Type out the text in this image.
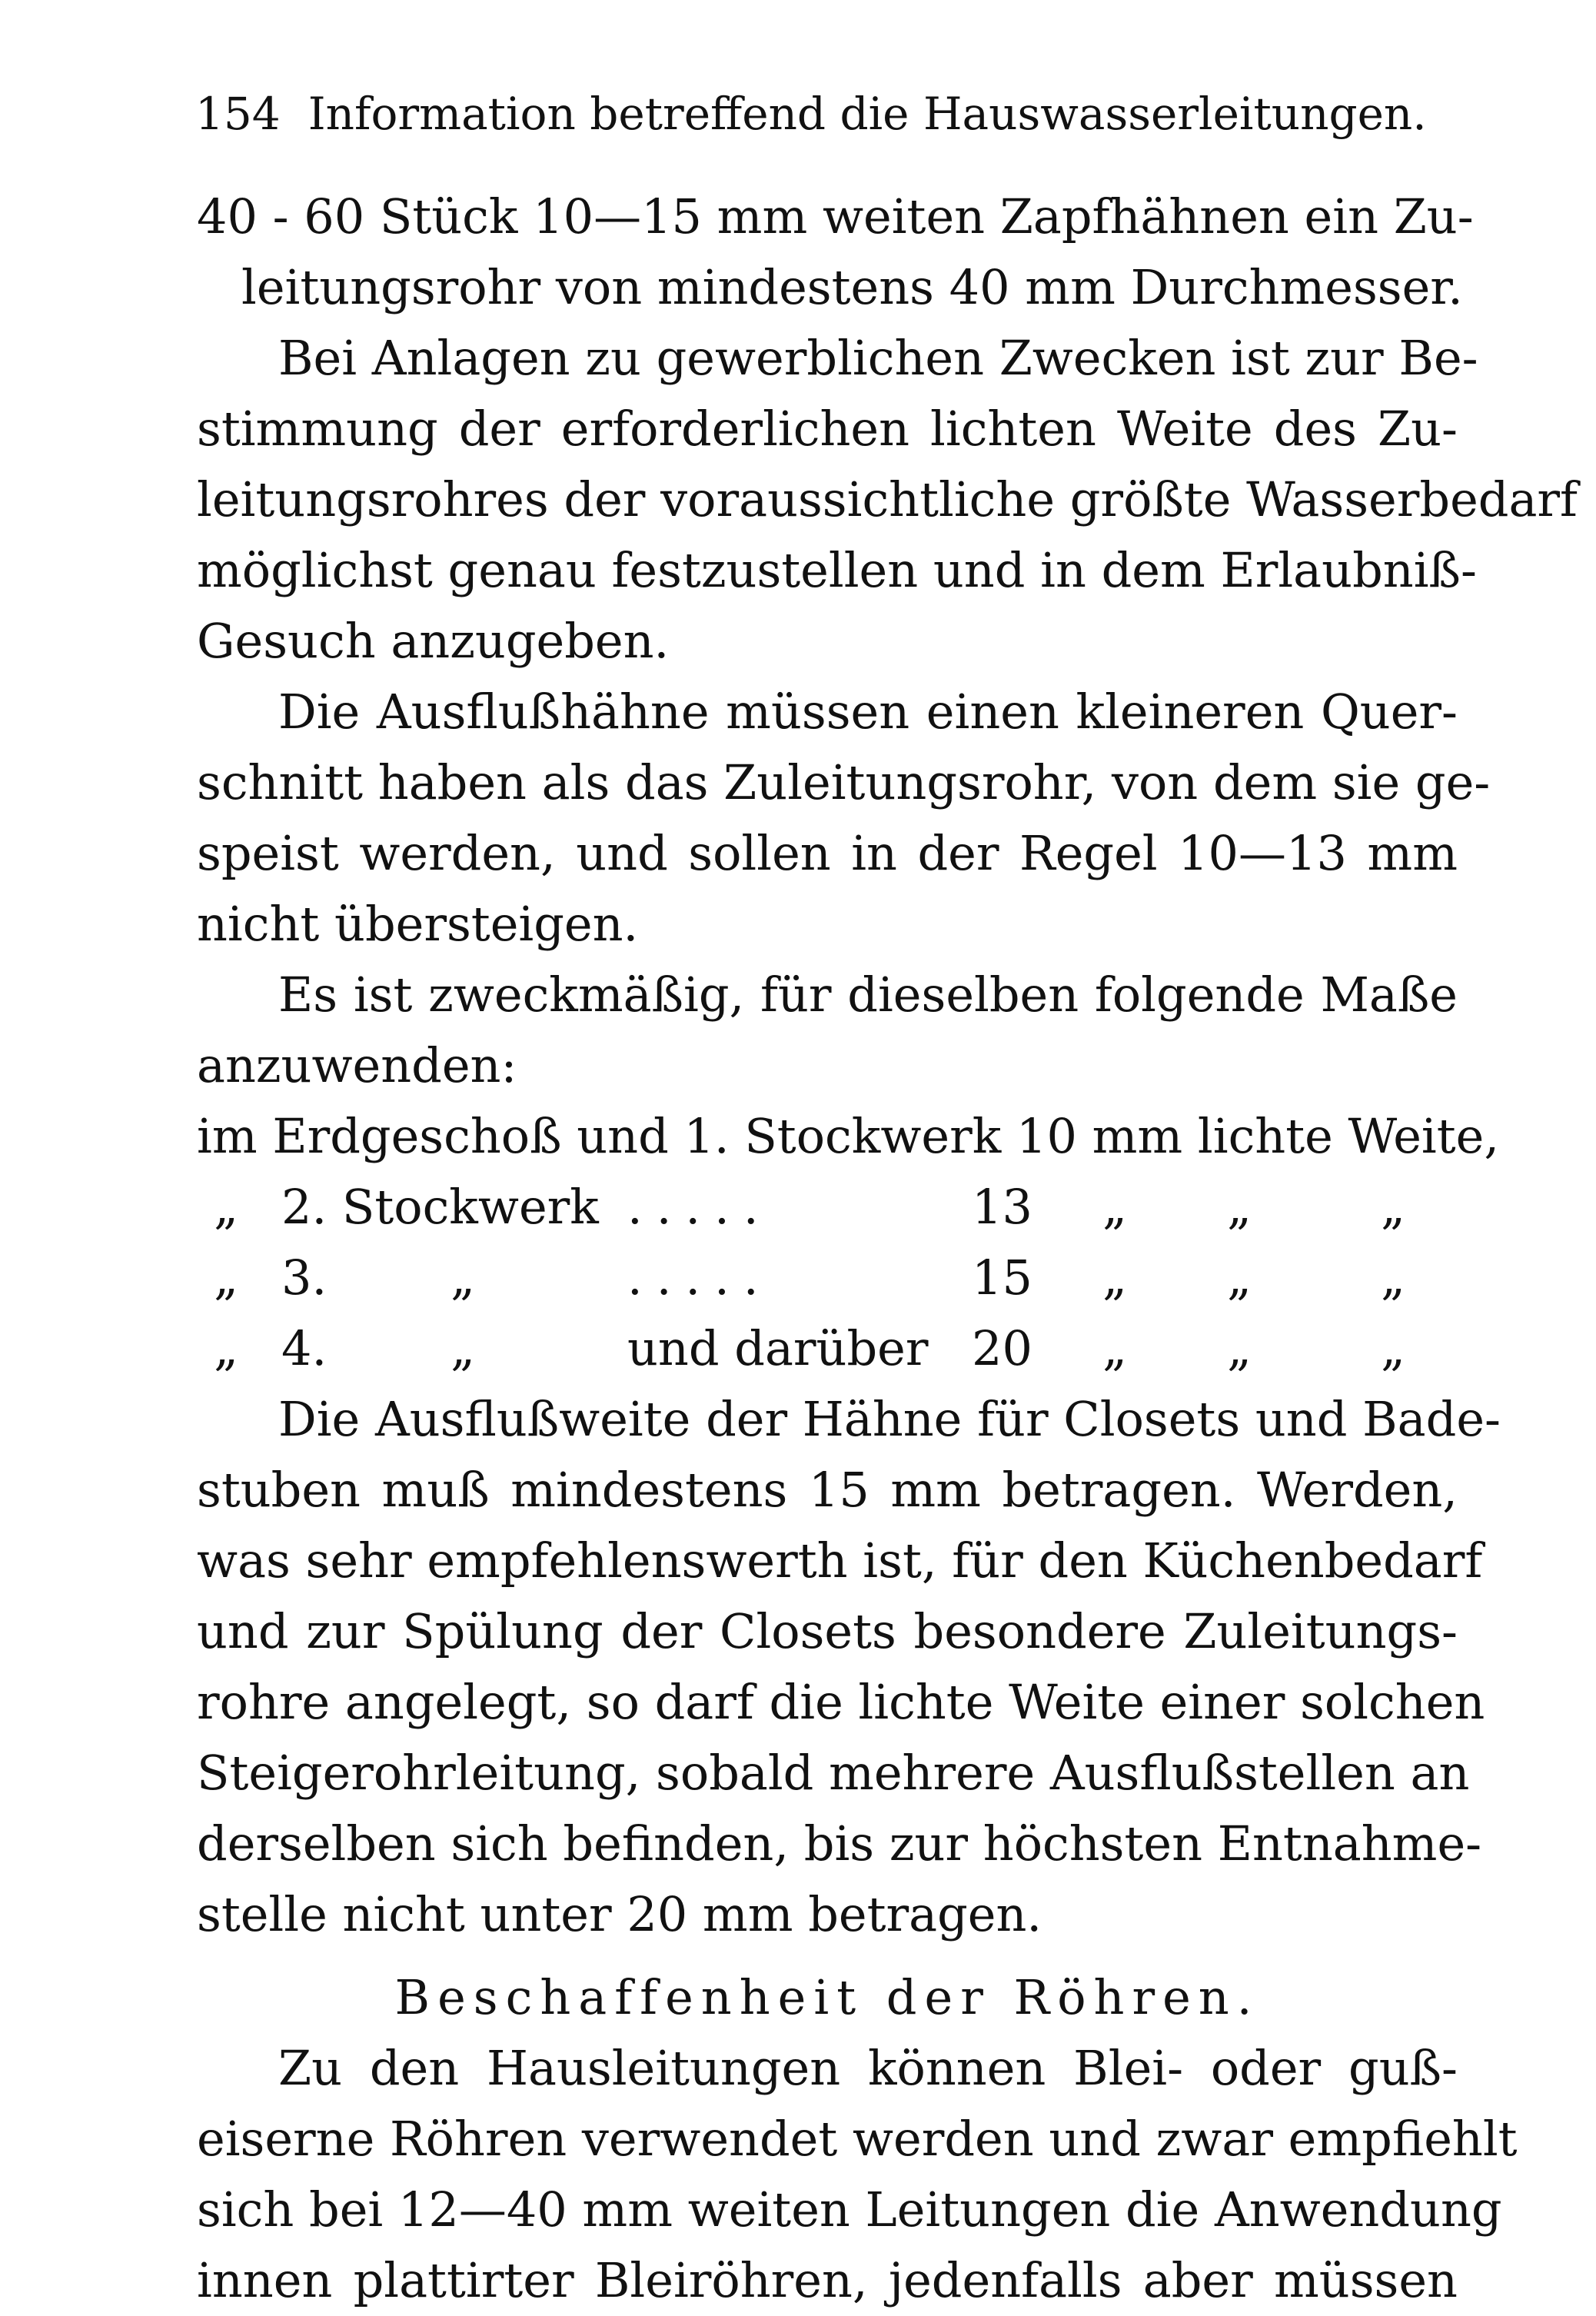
154 Information betreffend die Hauswasserleitungen.
40 - 60 Stück 10—15 mm weiten Zapfhähnen ein Zu-
leitungsrohr von mindestens 40 mm Durchmesser.
Bei Anlagen zu gewerblichen Zwecken ist zur Be-
stimmung der erforderlichen lichten Weite des Zu-
leitungsrohres der voraussichtliche größte Wasserbedarf
möglichst genau festzustellen und in dem Erlaubniß-
Gesuch anzugeben.
Die Ausflußhähne müssen einen kleineren Quer-
schnitt haben als das Zuleitungsrohr, von dem sie ge-
speist werden, und sollen in der Regel 10—13 mm
nicht übersteigen.
Es ist zweckmäßig, für dieselben folgende Maße
anzuwenden:
im Erdgeschoß und 1. Stockwerk 10 mm lichte Weite,
„ 2. Stockwerk .....	13 „ „	„
„ 3.	„	.....	15 „ „	„
„ 4.	„	und darüber 20 „ „	„
Die Ausflußweite der Hähne für Closets und Bade-
stuben muß mindestens 15 mm betragen. Werden,
was sehr empfehlenswerth ist, für den Küchenbedarf
und zur Spülung der Closets besondere Zuleitungs-
rohre angelegt, so darf die lichte Weite einer solchen
Steigerohrleitung, sobald mehrere Ausflußstellen an
derselben sich befinden, bis zur höchsten Entnahme-
stelle nicht unter 20 mm betragen.
Beschaffenheit der Röhren.
Zu den Hausleitungen können Blei- oder guß-
eiserne Röhren verwendet werden und zwar empfiehlt
sich bei 12—40 mm weiten Leitungen die Anwendung
innen plattirter Bleiröhren, jedenfalls aber müssen
